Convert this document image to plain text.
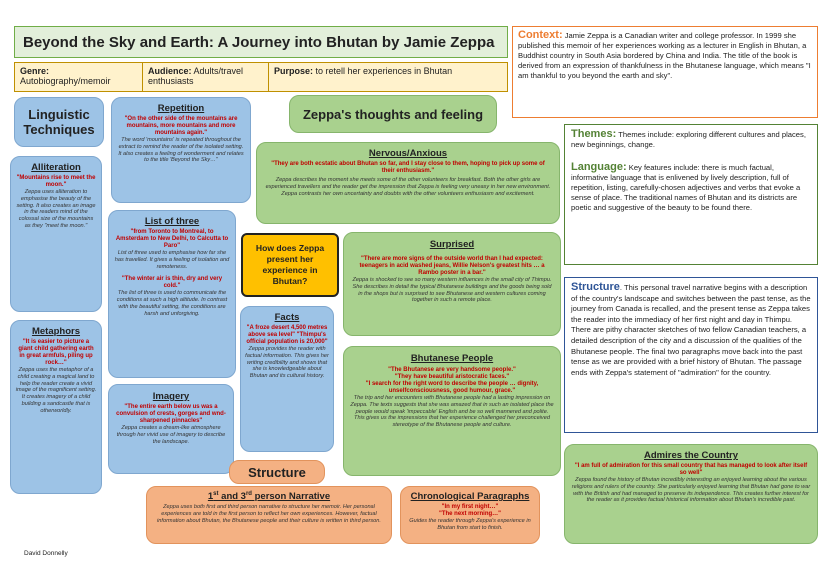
Beyond the Sky and Earth: A Journey into Bhutan by Jamie Zeppa
Genre:
Autobiography/memoir
Audience: Adults/travel enthusiasts
Purpose: to retell her experiences in Bhutan
Context: Jamie Zeppa is a Canadian writer and college professor. In 1999 she published this memoir of her experiences working as a lecturer in English in Bhutan, a Buddhist country in South Asia bordered by China and India. The title of the book is derived from an expression of thankfulness in the Bhutanese language, which means "I am thankful to you beyond the earth and sky".
Linguistic Techniques
Repetition
"On the other side of the mountains are mountains, more mountains and more mountains again."
The word 'mountains' is repeated throughout the extract to remind the reader of the isolated setting. It also creates a feeling of wonderment and relates to the title 'Beyond the Sky…"
Zeppa's thoughts and feeling
Alliteration
"Mountains rise to meet the moon."
Zeppa uses alliteration to emphasise the beauty of the setting. It also creates an image in the readers mind of the colossal size of the mountains as they "meet the moon."
Nervous/Anxious
"They are both ecstatic about Bhutan so far, and I stay close to them, hoping to pick up some of their enthusiasm."
Zeppa describes the moment she meets some of the other volunteers for breakfast. Both the other girls are experienced travellers and the reader get the impression that Zeppa is feeling very uneasy in her new environment. Zeppa contrasts her own uncertainty and doubts with the other volunteers enthusiasm and excitement.
Themes: Themes include: exploring different cultures and places, new beginnings, change.
Language: Key features include: there is much factual, informative language that is enlivened by lively description, full of repetition, listing, carefully-chosen adjectives and verbs that evoke a sense of place. The traditional names of Bhutan and its districts are poetic and suggestive of the beauty to be found there.
List of three
"from Toronto to Montreal, to Amsterdam to New Delhi, to Calcutta to Paro"
List of three used to emphasise how far she has travelled. It gives a feeling of isolation and remoteness.
"The winter air is thin, dry and very cold."
The list of three is used to communicate the conditions at such a high altitude. In contrast with the beautiful setting, the conditions are harsh and unforgiving.
How does Zeppa present her experience in Bhutan?
Surprised
"There are more signs of the outside world than I had expected: teenagers in acid washed jeans, Willie Nelson's greatest hits … a Rambo poster in a bar."
Zeppa is shocked to see so many western influences in the small city of Thimpu. She describes in detail the typical Bhutanese buildings and the goods being sold in the shops but is surprised to see Bhutanese and western cultures coming together in such a remote place.
Structure. This personal travel narrative begins with a description of the country's landscape and switches between the past tense, as the journey from Canada is recalled, and the present tense as Zeppa takes the reader into the immediacy of her first night and day in Thimpu. There are pithy character sketches of two fellow Canadian teachers, a detailed description of the city and a discussion of the qualities of the Bhutanese people. The final two paragraphs move back into the past tense as we are provided with a brief history of Bhutan. The passage ends with Zeppa's statement of "admiration" for the country.
Facts
"A froze desert 4,500 metres above sea level" "Thimpu's official population is 20,000"
Zeppa provides the reader with factual information. This gives her writing credibility and shows that she is knowledgeable about Bhutan and its cultural history.
Metaphors
"It is easier to picture a giant child gathering earth in great armfuls, piling up rock…"
Zeppa uses the metaphor of a child creating a magical land to help the reader create a vivid image of the magnificent setting. It creates imagery of a child building a sandcastle that is otherworldly.
Bhutanese People
"The Bhutanese are very handsome people."
"They have beautiful aristocratic faces."
"I search for the right word to describe the people … dignity, unselfconsciousness, good humour, grace."
The trip and her encounters with Bhutanese people had a lasting impression on Zeppa. The texts suggests that she was amazed that in such an isolated place the people would speak 'impeccable' English and be so well mannered and polite. This gives us the impressions that her experience challenged her preconceived stereotype of the Bhutanese people and culture.
Imagery
"The entire earth below us was a convulsion of crests, gorges and wnd-sharpened pinnacles"
Zeppa creates a dream-like atmosphere through her vivid use of imagery to describe the landscape.
Admires the Country
"I am full of admiration for this small country that has managed to look after itself so well"
Zeppa found the history of Bhutan incredibly interesting an enjoyed learning about the various religions and rulers of the country. She particularly enjoyed learning that Bhutan had gone to war with the British and had managed to preserve its independence. This creates further interest for the reader as it provides factual historical information about Bhutan's incredible past.
Structure
1st and 3rd person Narrative
Zeppa uses both first and third person narrative to structure her memoir. Her personal experiences are told in the first person to reflect her own experiences. However, factual information about Bhutan, the Bhutanese people and their culture is written in third person.
Chronological Paragraphs
"In my first night…"
"The next morning…"
Guides the reader through Zeppa's experience in Bhutan from start to finish.
David Donnelly
